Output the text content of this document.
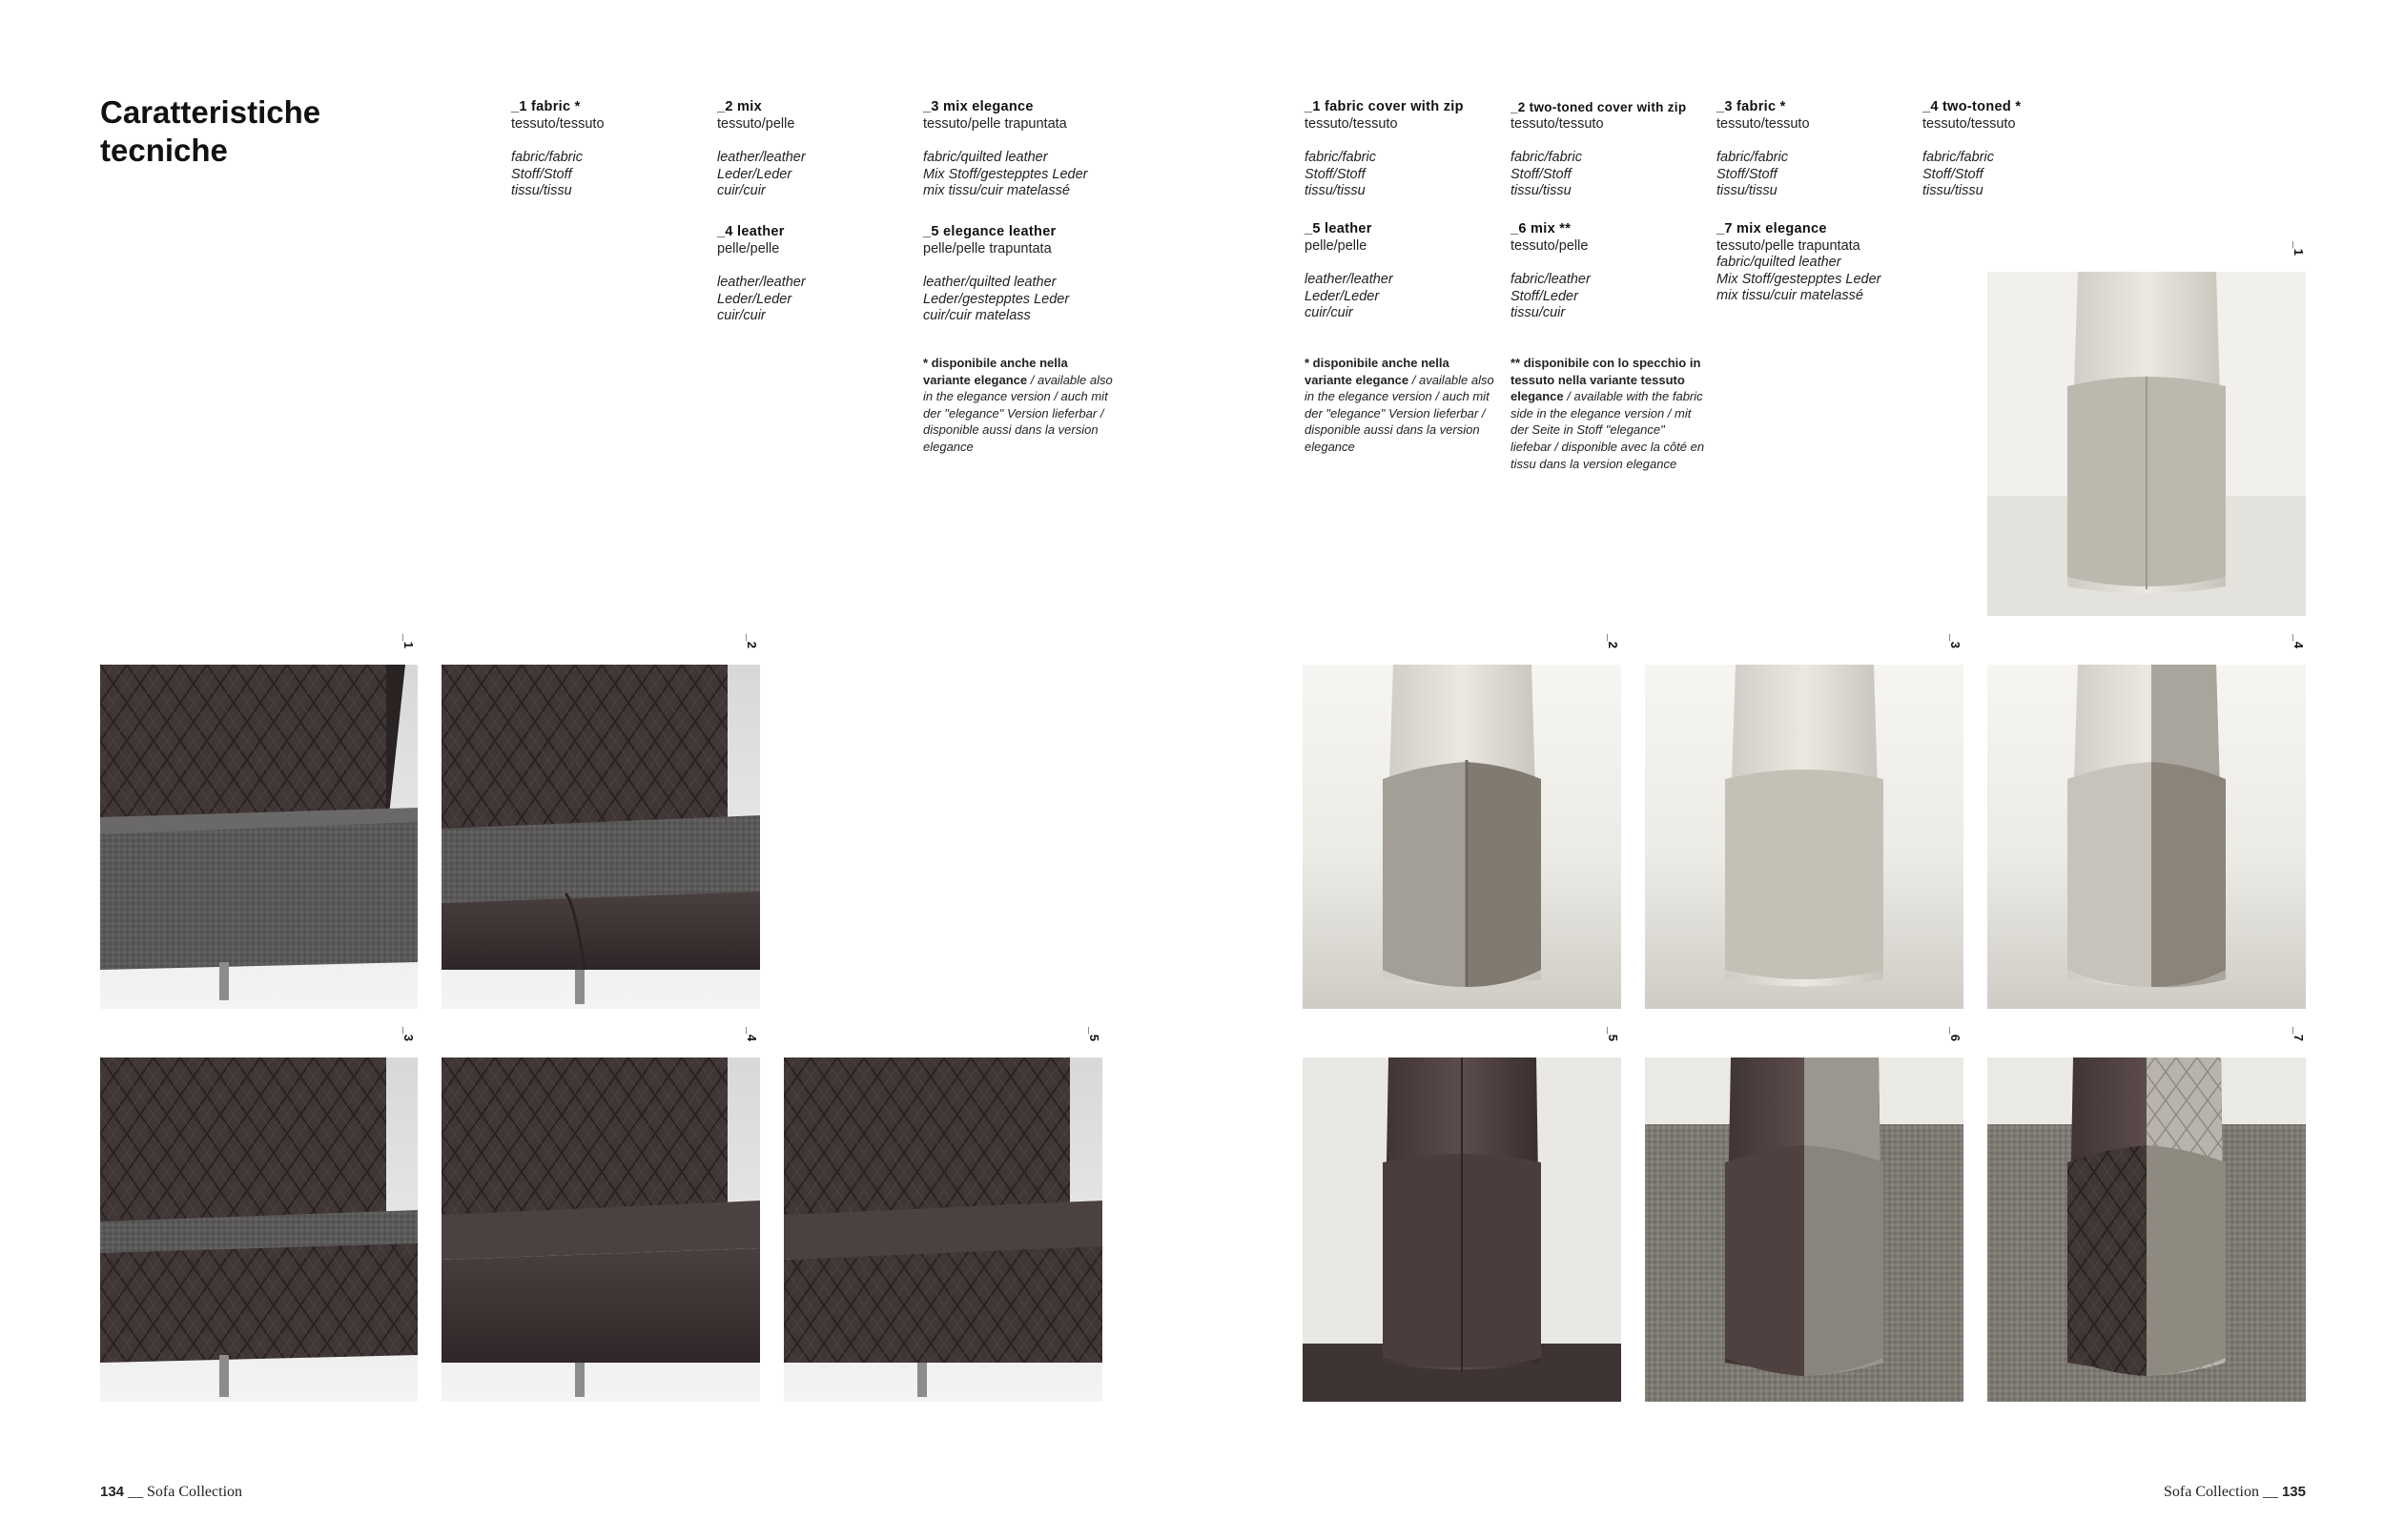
Caratteristiche
tecniche
_1 fabric *
tessuto/tessuto
fabric/fabric
Stoff/Stoff
tissu/tissu
_2 mix
tessuto/pelle
leather/leather
Leder/Leder
cuir/cuir
_3 mix elegance
tessuto/pelle trapuntata
fabric/quilted leather
Mix Stoff/gestepptes Leder
mix tissu/cuir matelassé
_4 leather
pelle/pelle
leather/leather
Leder/Leder
cuir/cuir
_5 elegance leather
pelle/pelle trapuntata
leather/quilted leather
Leder/gestepptes Leder
cuir/cuir matelass
* disponibile anche nella variante elegance / available also in the elegance version / auch mit der "elegance" Version lieferbar / disponible aussi dans la version elegance
_1 fabric cover with zip
tessuto/tessuto
fabric/fabric
Stoff/Stoff
tissu/tissu
_2 two-toned cover with zip
tessuto/tessuto
fabric/fabric
Stoff/Stoff
tissu/tissu
_3 fabric *
tessuto/tessuto
fabric/fabric
Stoff/Stoff
tissu/tissu
_4 two-toned *
tessuto/tessuto
fabric/fabric
Stoff/Stoff
tissu/tissu
_5 leather
pelle/pelle
leather/leather
Leder/Leder
cuir/cuir
_6 mix **
tessuto/pelle
fabric/leather
Stoff/Leder
tissu/cuir
_7 mix elegance
tessuto/pelle trapuntata
fabric/quilted leather
Mix Stoff/gestepptes Leder
mix tissu/cuir matelassé
* disponibile anche nella variante elegance / available also in the elegance version / auch mit der "elegance" Version lieferbar / disponible aussi dans la version elegance
** disponibile con lo specchio in tessuto nella variante tessuto elegance / available with the fabric side in the elegance version / mit der Seite in Stoff "elegance" liefebar / disponible avec la côté en tissu dans la version elegance
_1	_2
_3	_4	_5
_1
_2	_3	_4
_5	_6	_7
134 __ Sofa Collection	Sofa Collection __ 135
